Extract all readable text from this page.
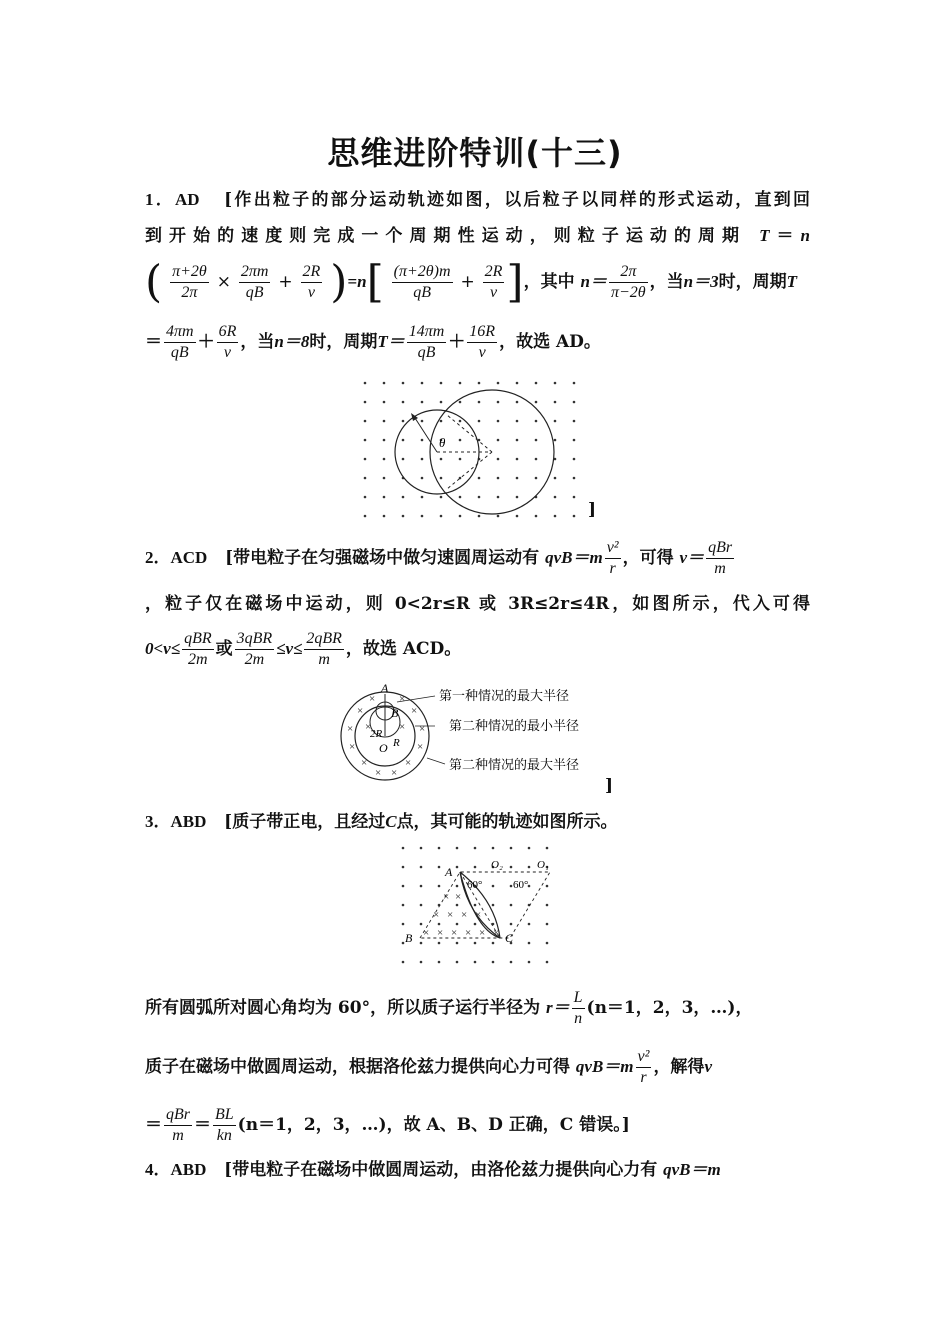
思维进阶特训(十三)
1．AD [作出粒子的部分运动轨迹如图，以后粒子以同样的形式运动，直到回
到开始的速度则完成一个周期性运动，则粒子运动的周期 T＝n
( $\frac{\pi+2\theta}{2\pi} \times \frac{2\pi m}{qB} + \frac{2R}{v} )=n[ \frac{(\pi+2\theta)m}{qB} + \frac{2R}{v}$ ]，其中 $n= \frac{2\pi}{\pi-2\theta}$ ，当n＝3时，周期T
＝ $\frac{4\pi m}{qB} + \frac{6R}{v}$ ，当n＝8时，周期$T= \frac{14\pi m}{qB} + \frac{16R}{v}$ ，故选 AD。
θ
]
2．ACD [带电粒子在匀强磁场中做匀速圆周运动有 $qvB=m \frac{\text{v²}}{r}$ ，可得 $v= \frac{\text{qBr}}{m}$
，粒子仅在磁场中运动，则 0<2r≤R 或 3R≤2r≤4R，如图所示，代入可得
$0<v\le \frac{\text{qBR}}{2m}$ 或 $\frac{\text{3qBR}}{2m} \le v\le \frac{\text{2qBR}}{m}$ ，故选 ACD。
×
× ×
×
×	×
×	×
×
× ×
×
×	×
A
B
O
2R
R
第一种情况的最大半径
第二种情况的最小半径
第二种情况的最大半径
]
3．ABD [质子带正电，且经过C点，其可能的轨迹如图所示。
× ×
× × × ×
× × × × × ×
A
B	C
O₂	O₁
60°	60°
所有圆弧所对圆心角均为 60°，所以质子运行半径为 $r= \frac{L}{n} (n=1$，2，3，…)，
质子在磁场中做圆周运动，根据洛伦兹力提供向心力可得 $qvB=m \frac{\text{v²}}{r}$ ，解得v
＝ $\frac{\text{qBr}}{m} = \frac{BL}{kn} (n=1$，2，3，…)，故 A、B、D 正确，C 错误。]
4．ABD [带电粒子在磁场中做圆周运动，由洛伦兹力提供向心力有 qvB＝m
